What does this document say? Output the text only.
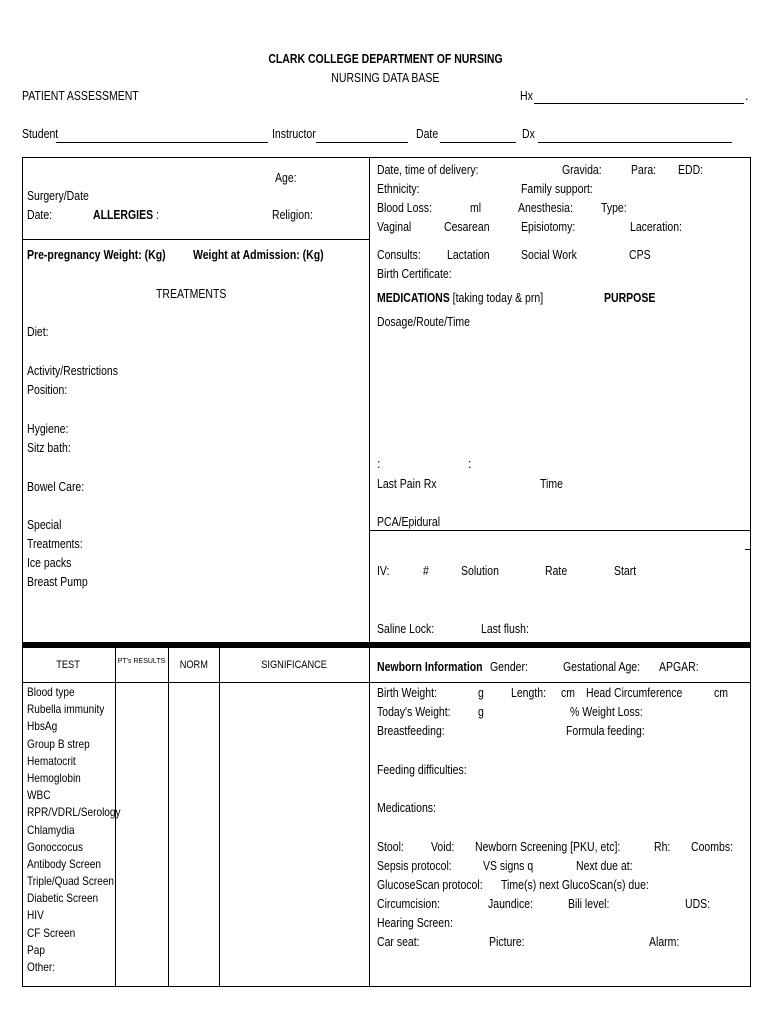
CLARK COLLEGE DEPARTMENT OF NURSING
NURSING DATA BASE
PATIENT ASSESSMENT	Hx	.
Student	Instructor	Date	Dx
Age:
Surgery/Date
Date:	ALLERGIES :	Religion:
Pre-pregnancy Weight: (Kg)	Weight at Admission: (Kg)
TREATMENTS
Diet:
Activity/Restrictions
Position:
Hygiene:
Sitz bath:
Bowel Care:
Special
Treatments:
Ice packs
Breast Pump
Date, time of delivery:	Gravida:	Para:	EDD:
Ethnicity:	Family support:
Blood Loss:	ml	Anesthesia:	Type:
Vaginal	Cesarean	Episiotomy:	Laceration:
Consults:	Lactation	Social Work	CPS
Birth Certificate:
MEDICATIONS [taking today & prn]	PURPOSE
Dosage/Route/Time
:	:
Last Pain Rx	Time
PCA/Epidural
IV:	#	Solution	Rate	Start
Saline Lock:	Last flush:
TEST	PT's RESULTS	NORM	SIGNIFICANCE
Blood type
Rubella immunity
HbsAg
Group B strep
Hematocrit
Hemoglobin
WBC
RPR/VDRL/Serology
Chlamydia
Gonoccocus
Antibody Screen
Triple/Quad Screen
Diabetic Screen
HIV
CF Screen
Pap
Other:
Newborn Information Gender:	Gestational Age:	APGAR:
Birth Weight:	g Length:	cm Head Circumference	cm
Today's Weight:	g	% Weight Loss:
Breastfeeding:	Formula feeding:
Feeding difficulties:
Medications:
Stool:	Void:	Newborn Screening [PKU, etc]:	Rh: Coombs:
Sepsis protocol:	VS signs q	Next due at:
GlucoseScan protocol:	Time(s) next GlucoScan(s) due:
Circumcision:	Jaundice:	Bili level:	UDS:
Hearing Screen:
Car seat:	Picture:	Alarm:
